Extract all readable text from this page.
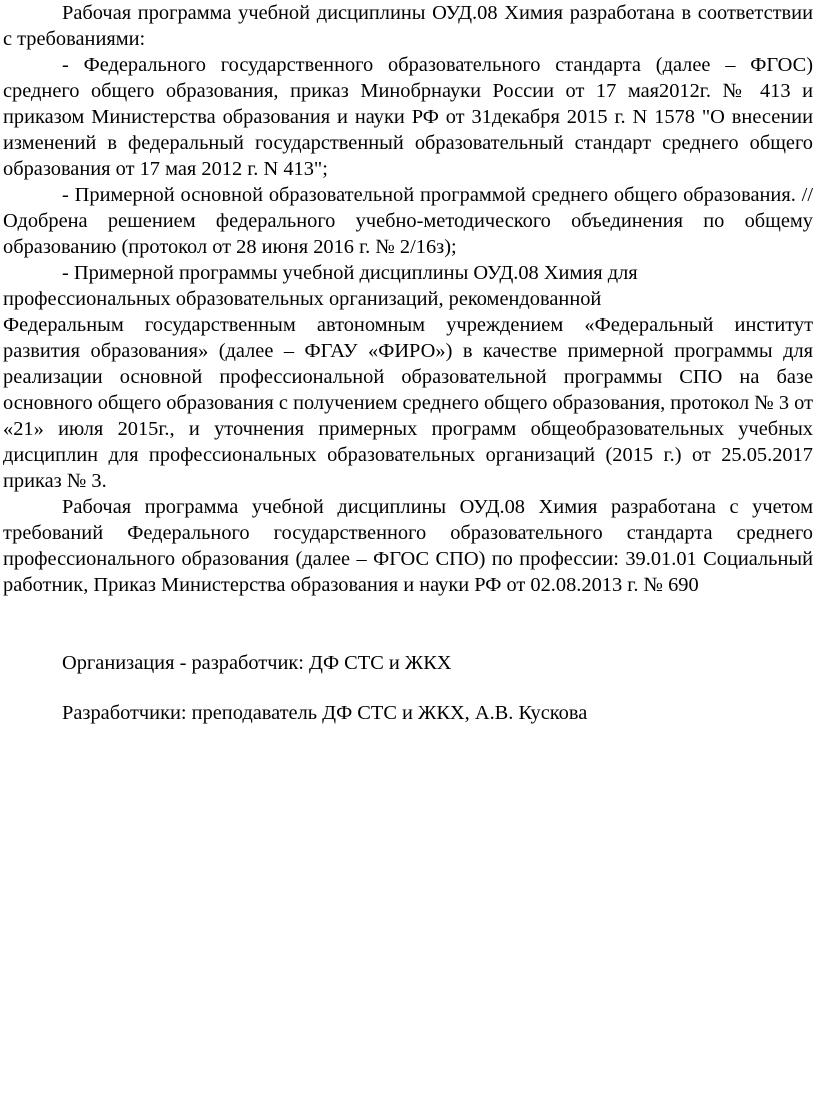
Рабочая программа учебной дисциплины ОУД.08 Химия разработана в соответствии с требованиями:

- Федерального государственного образовательного стандарта (далее – ФГОС) среднего общего образования, приказ Минобрнауки России от 17 мая2012г. № 413 и приказом Министерства образования и науки РФ от 31декабря 2015 г. N 1578 "О внесении изменений в федеральный государственный образовательный стандарт среднего общего образования от 17 мая 2012 г. N 413";

- Примерной основной образовательной программой среднего общего образования. //Одобрена решением федерального учебно-методического объединения по общему образованию (протокол от 28 июня 2016 г. № 2/16з);

- Примерной программы учебной дисциплины ОУД.08 Химия для

профессиональных образовательных организаций, рекомендованной

Федеральным государственным автономным учреждением «Федеральный институт развития образования» (далее – ФГАУ «ФИРО») в качестве примерной программы для реализации основной профессиональной образовательной программы СПО на базе основного общего образования с получением среднего общего образования, протокол № 3 от «21» июля 2015г., и уточнения примерных программ общеобразовательных учебных дисциплин для профессиональных образовательных организаций (2015 г.) от 25.05.2017 приказ № 3.

Рабочая программа учебной дисциплины ОУД.08 Химия разработана с учетом требований Федерального государственного образовательного стандарта среднего профессионального образования (далее – ФГОС СПО) по профессии: 39.01.01 Социальный работник, Приказ Министерства образования и науки РФ от 02.08.2013 г. № 690

Организация - разработчик: ДФ СТС и ЖКХ

Разработчики: преподаватель ДФ СТС и ЖКХ, А.В. Кускова
